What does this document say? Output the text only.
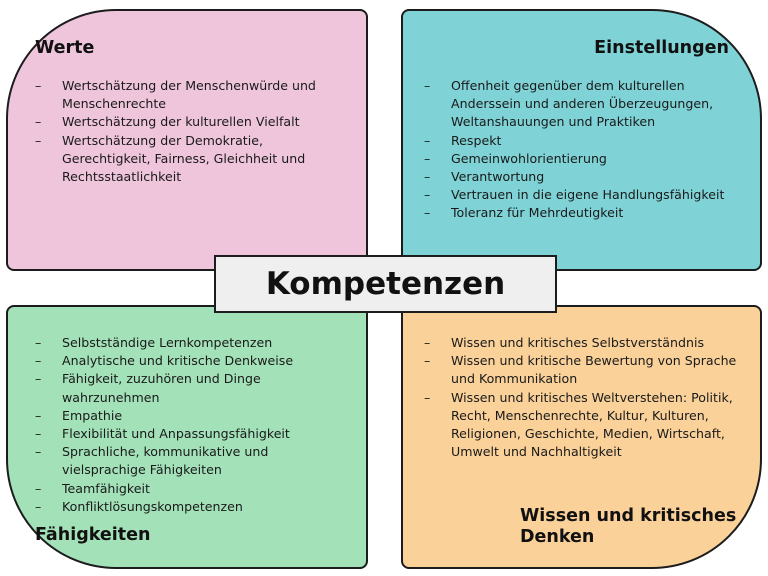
Werte
– Wertschätzung der Menschenwürde und Menschenrechte
– Wertschätzung der kulturellen Vielfalt
– Wertschätzung der Demokratie, Gerechtigkeit, Fairness, Gleichheit und Rechtsstaatlichkeit
Einstellungen
– Offenheit gegenüber dem kulturellen Anderssein und anderen Überzeugungen, Weltanshauungen und Praktiken
– Respekt
– Gemeinwohlorientierung
– Verantwortung
– Vertrauen in die eigene Handlungsfähigkeit
– Toleranz für Mehrdeutigkeit
– Selbstständige Lernkompetenzen
– Analytische und kritische Denkweise
– Fähigkeit, zuzuhören und Dinge wahrzunehmen
– Empathie
– Flexibilität und Anpassungsfähigkeit
– Sprachliche, kommunikative und vielsprachige Fähigkeiten
– Teamfähigkeit
– Konfliktlösungskompetenzen
Fähigkeiten
– Wissen und kritisches Selbstverständnis
– Wissen und kritische Bewertung von Sprache und Kommunikation
– Wissen und kritisches Weltverstehen: Politik, Recht, Menschenrechte, Kultur, Kulturen, Religionen, Geschichte, Medien, Wirtschaft, Umwelt und Nachhaltigkeit
Wissen und kritisches Denken
Kompetenzen
